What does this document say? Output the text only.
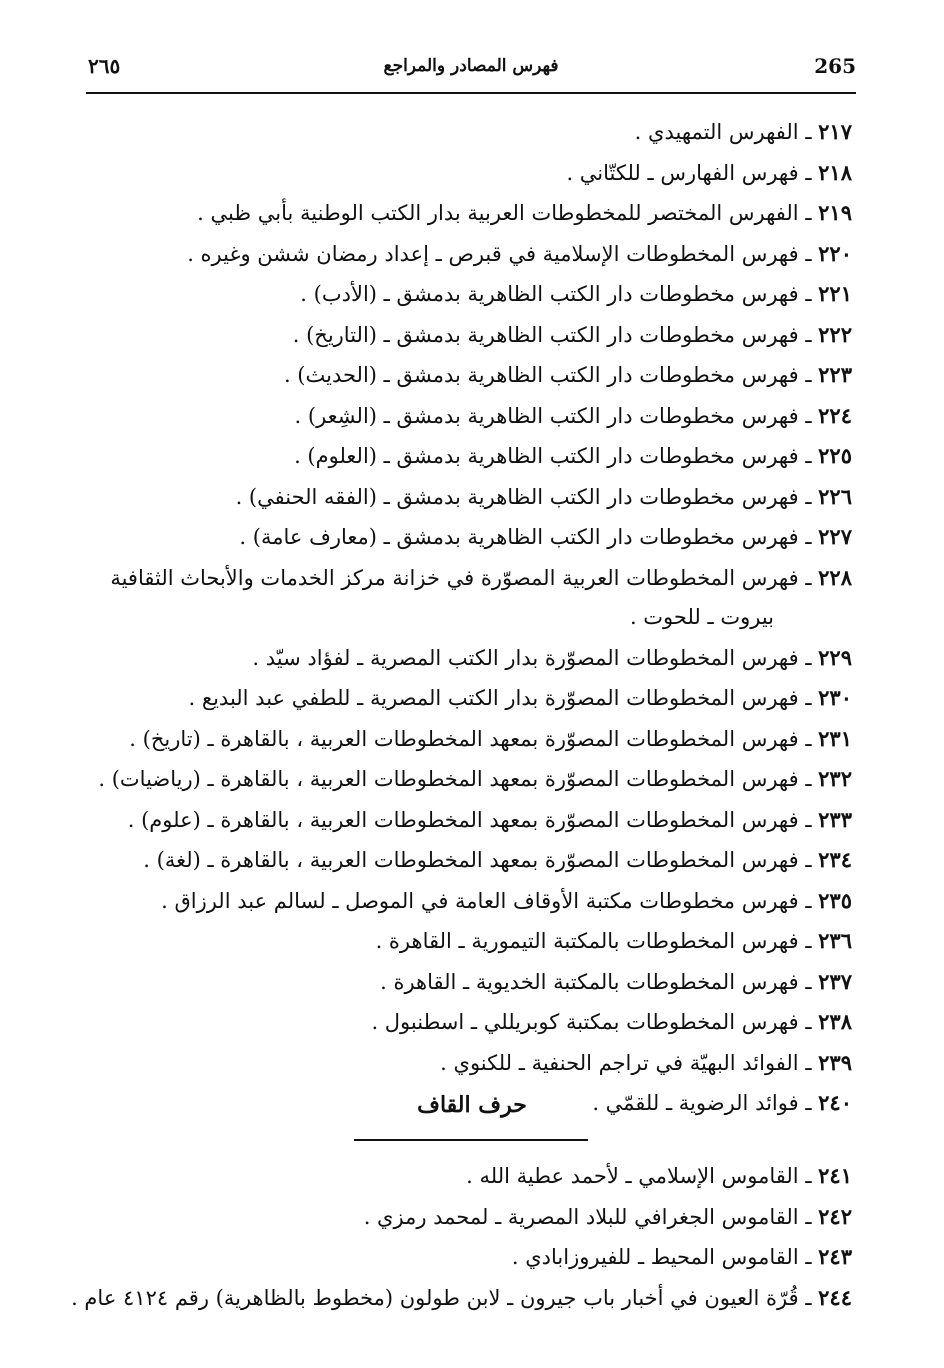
265
فهرس المصادر والمراجع
٢٦٥
٢١٧ ـ الفهرس التمهيدي .
٢١٨ ـ فهرس الفهارس ـ للكتّاني .
٢١٩ ـ الفهرس المختصر للمخطوطات العربية بدار الكتب الوطنية بأبي ظبي .
٢٢٠ ـ فهرس المخطوطات الإسلامية في قبرص ـ إعداد رمضان ششن وغيره .
٢٢١ ـ فهرس مخطوطات دار الكتب الظاهرية بدمشق ـ (الأدب) .
٢٢٢ ـ فهرس مخطوطات دار الكتب الظاهرية بدمشق ـ (التاريخ) .
٢٢٣ ـ فهرس مخطوطات دار الكتب الظاهرية بدمشق ـ (الحديث) .
٢٢٤ ـ فهرس مخطوطات دار الكتب الظاهرية بدمشق ـ (الشِعر) .
٢٢٥ ـ فهرس مخطوطات دار الكتب الظاهرية بدمشق ـ (العلوم) .
٢٢٦ ـ فهرس مخطوطات دار الكتب الظاهرية بدمشق ـ (الفقه الحنفي) .
٢٢٧ ـ فهرس مخطوطات دار الكتب الظاهرية بدمشق ـ (معارف عامة) .
٢٢٨ ـ فهرس المخطوطات العربية المصوّرة في خزانة مركز الخدمات والأبحاث الثقافية
بيروت ـ للحوت .
٢٢٩ ـ فهرس المخطوطات المصوّرة بدار الكتب المصرية ـ لفؤاد سيّد .
٢٣٠ ـ فهرس المخطوطات المصوّرة بدار الكتب المصرية ـ للطفي عبد البديع .
٢٣١ ـ فهرس المخطوطات المصوّرة بمعهد المخطوطات العربية ، بالقاهرة ـ (تاريخ) .
٢٣٢ ـ فهرس المخطوطات المصوّرة بمعهد المخطوطات العربية ، بالقاهرة ـ (رياضيات) .
٢٣٣ ـ فهرس المخطوطات المصوّرة بمعهد المخطوطات العربية ، بالقاهرة ـ (علوم) .
٢٣٤ ـ فهرس المخطوطات المصوّرة بمعهد المخطوطات العربية ، بالقاهرة ـ (لغة) .
٢٣٥ ـ فهرس مخطوطات مكتبة الأوقاف العامة في الموصل ـ لسالم عبد الرزاق .
٢٣٦ ـ فهرس المخطوطات بالمكتبة التيمورية ـ القاهرة .
٢٣٧ ـ فهرس المخطوطات بالمكتبة الخديوية ـ القاهرة .
٢٣٨ ـ فهرس المخطوطات بمكتبة كوبريللي ـ اسطنبول .
٢٣٩ ـ الفوائد البهيّة في تراجم الحنفية ـ للكنوي .
٢٤٠ ـ فوائد الرضوية ـ للقمّي .
حرف القاف
٢٤١ ـ القاموس الإسلامي ـ لأحمد عطية الله .
٢٤٢ ـ القاموس الجغرافي للبلاد المصرية ـ لمحمد رمزي .
٢٤٣ ـ القاموس المحيط ـ للفيروزابادي .
٢٤٤ ـ قُرّة العيون في أخبار باب جيرون ـ لابن طولون (مخطوط بالظاهرية) رقم ٤١٢٤ عام .
